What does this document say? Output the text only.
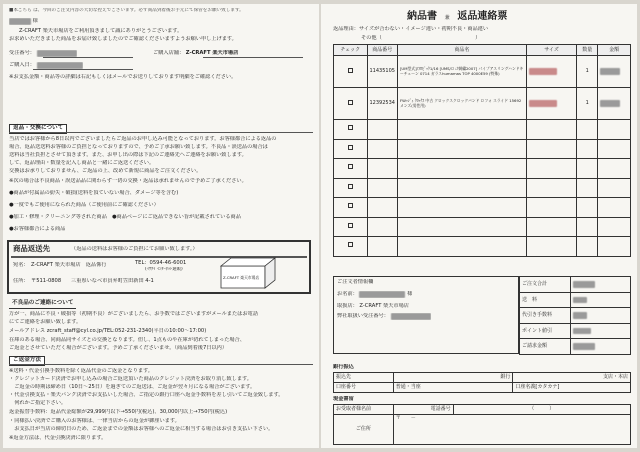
■本ごちら は、今回のご注文内容の大切な控えでございます。必ず商品到着後お手元にて保管をお願い致します。
様
Z-CRAFT 楽天市場店をご利用頂きまして誠にありがとうございます。
お求めいただきました商品をお届け致しましたのでご確認くださいますようお願い申し上げます。
受注番号：	ご購入店舗： Z-CRAFT 楽天市場店
ご購入日：
※お支払金額・商品等の詳細は右記もしくはメールでお送りしております明細をご確認ください。
返品・交換について
当店ではお客様から8日以内でございましたらご返品のお申し込み可能となっております。お客様都合による返品の
場合、返品送送料お客様のご負担となっておりますので、予めご了承お願い致します。不良品・誤送品の場合は
送料は当社負担とさせて頂きます。また、お申し出の際は下記のご連絡先へご連絡をお願い致します。
して、返品理由・数量を記入し商品と一緒にご返送ください。
交換はお承りしておりません、ご返品の上、改めて新規に商品をご注文ください。
※次の場合は不良商品・誤送品品に関わらず一切の交換・返品は承れませんので予めご了承ください。
●商品が付属品の紛失・破損(送料を頂ていない場合、ダメージ等を含む)
●一度でもご使用になられた商品（ご使用前にご確認ください）
●加工・修理・クリーニング等された商品　●商品ページにご返品できない旨が記載されている商品
●お客様都合による商品
商品返送先	（返品の送料はお客様のご負担にてお願い致します。）
宛名： Z-CRAFT 楽天市場店　返品係行	TEL：0594-46-6001
(ｲｳｹｲ ｲﾝﾀｰﾈｯﾄ通販)
住所： 〒511-0808 三重県いなべ市員弁町笠田新田 4-1
Z-CRAFT 楽天市場店
不良品のご連絡について
万が一、商品に不良・破損等（初期不良）がございましたら、お手数ではございますがメールまたはお電話
にてご連絡をお願い致します。
メールアドレス zcraft_staff@cyl.co.jp/TEL:052-231-2340(平日の10:00～17:00)
在庫のある場合、同商品同サイズとの交換となります。但し、1点ものや在庫が切れてしまった場合、
ご返金とさせていただく場合がございます。予めご了承くださいませ。（商品到着後7日以内）
ご返金方法
※送料・代金引換手数料を除く返品代金のご返金となります。
・クレジットカード決済でお申し込みの場合ご返送頂いた商品のクレジット決済をお取り消し致します。
　ご返金の時期は締め日（10日～25日）を過ぎてのご返送は、ご返金が翌々月になる場合がございます。
・代金引換支払・楽天バンク決済でお支払いした場合、ご指定の銀行口座へ返金手数料を差し引いてご返金致します。
　何れかご指定下さい。
返金振替手数料：返品代金総額が29,999円以下→550円(税込)、30,000円以上→750円(税込)
・同様払い決済でご購入のお客様は、一律当店からの返金が御座います。
　お支払日が当店の締切日のため、ご返金までの金額はお客様へのご返金に相当する場合はお引き支払い下さい。
※返金方法は、代金引換決済に限ります。
納品書 兼 返品連絡票
返品理由：サイズが合わない・イメージ違い・初期不良・商品違い
その他（　　　　　　　　　　　　　　　　　　）
チェック	商品番号	商品名	サイズ	数量	金額
	11435105	[UM型式]ｴｱﾛﾋﾞｯｸ1/16 [UMS/ロゴ刺繍2007] パイプアスリングハンドキーチェーン 0714 ガラスhumamas TOP 4000E59 (特殊)		1	
	12392534	FWｯｼﾞｭ ｸﾛｯｸｽ 中古 クロックスクロックバンド ロフォ スライド 15692 メンズ(男性用)		1	

ご注文者情報欄
お名前：	様
取扱店： Z-CRAFT 楽天市場店
弊社取扱い受注番号：
ご注文合計	
送　料	
代引き手数料	
ポイント値引	
ご請求金額	
銀行振込
振込先	銀行	支店・本店
口座番号	普通・当座	口座名義[カタカナ]
現金書留
お受取者様名前	電話番号	（　　　）
ご住所	〒　　－	
